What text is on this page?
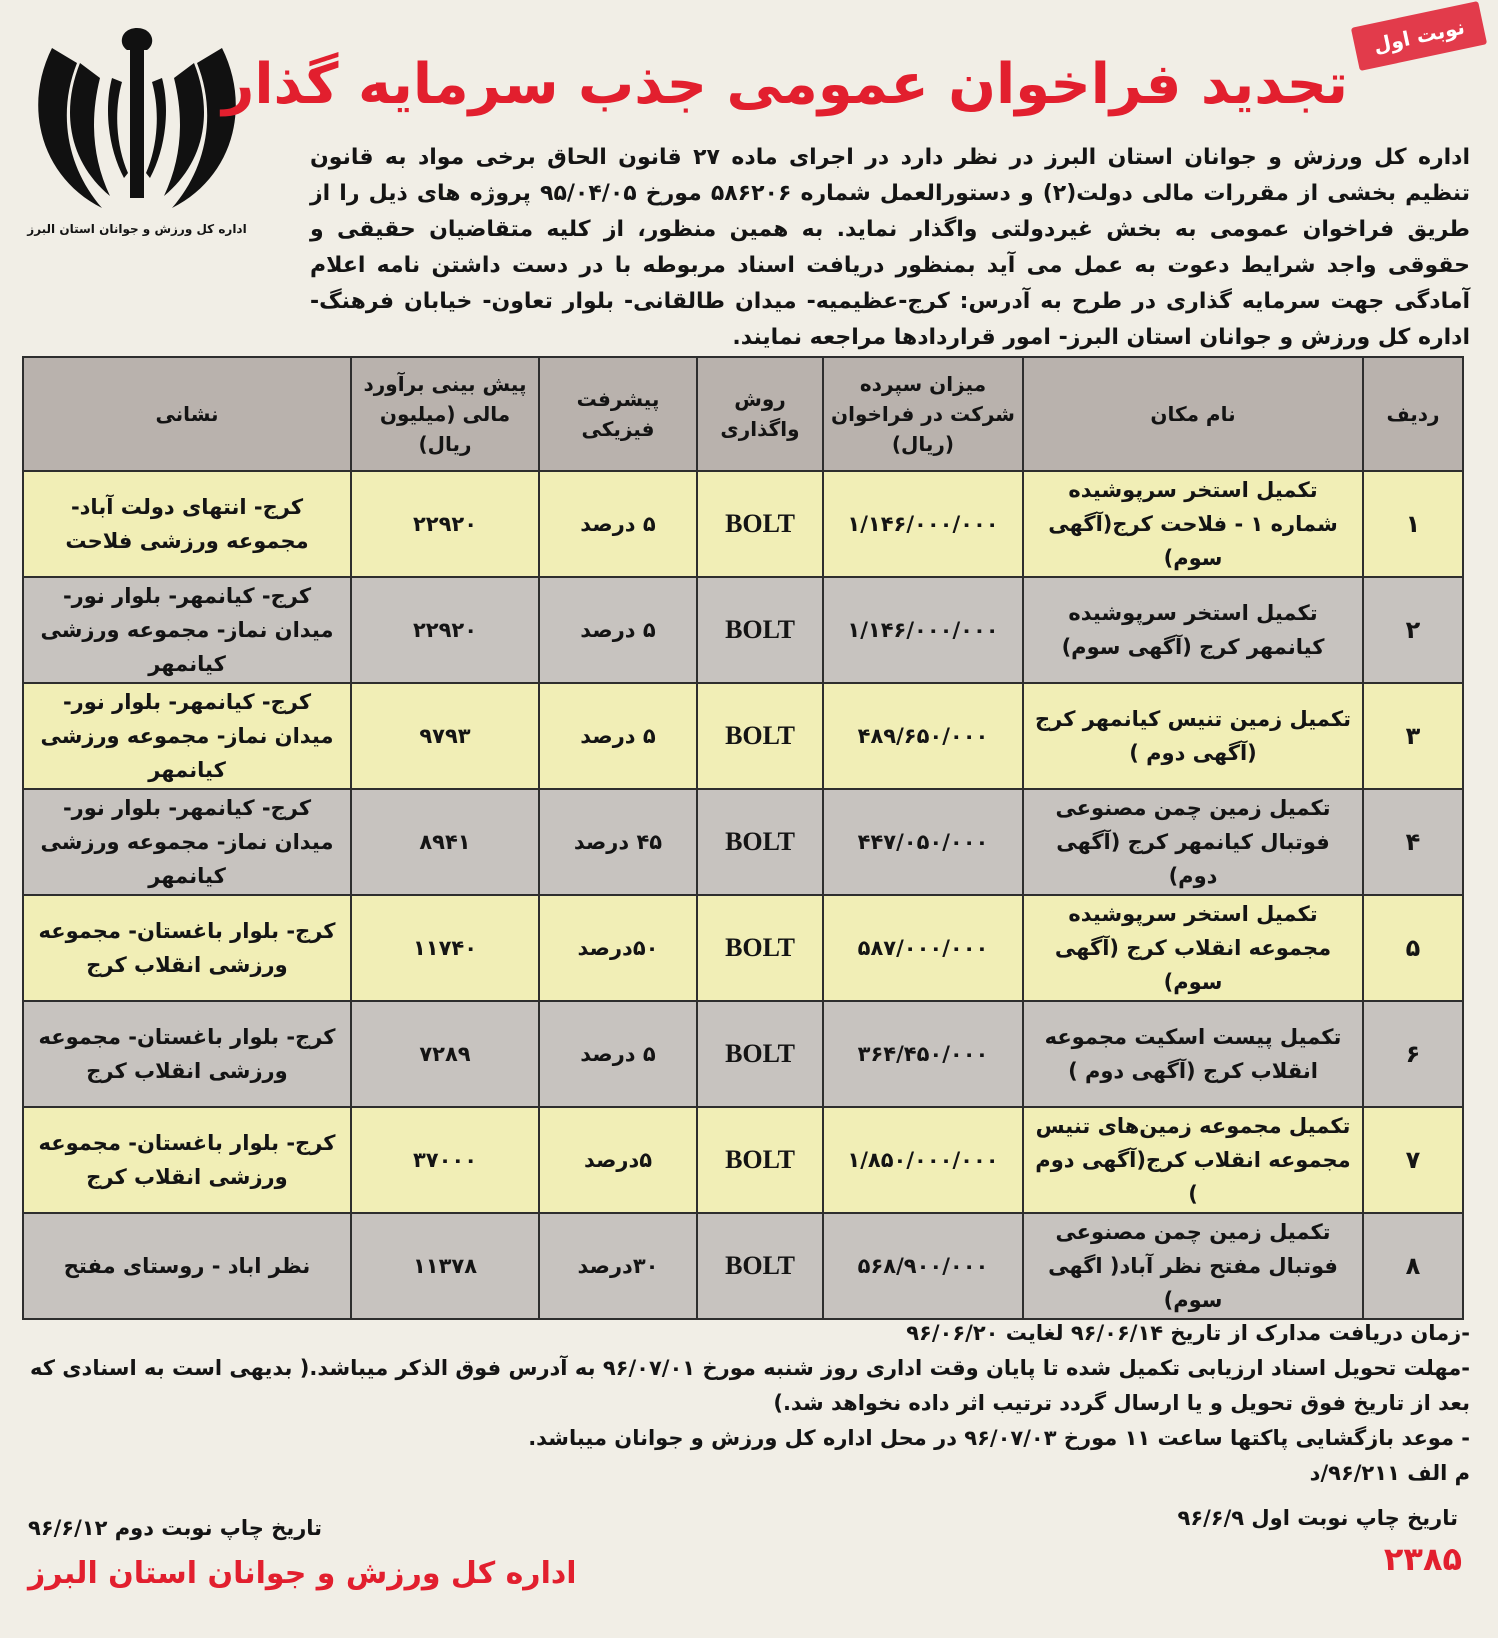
اداره کل ورزش و جوانان استان البرز
نوبت اول
تجدید فراخوان عمومی جذب سرمایه گذار
اداره کل ورزش و جوانان استان البرز در نظر دارد در اجرای ماده ۲۷ قانون الحاق برخی مواد به قانون تنظیم بخشی از مقررات مالی دولت(۲) و دستورالعمل شماره ۵۸۶۲۰۶ مورخ ۹۵/۰۴/۰۵ پروژه های ذیل را از طریق فراخوان عمومی به بخش غیردولتی واگذار نماید. به همین منظور، از کلیه متقاضیان حقیقی و حقوقی واجد شرایط دعوت به عمل می آید بمنظور دریافت اسناد مربوطه با در دست داشتن نامه اعلام آمادگی جهت سرمایه گذاری در طرح به آدرس: کرج-عظیمیه- میدان طالقانی- بلوار تعاون- خیابان فرهنگ-اداره کل ورزش و جوانان استان البرز- امور قراردادها مراجعه نمایند.
ردیف	نام مکان	میزان سپرده شرکت در فراخوان (ریال)	روش واگذاری	پیشرفت فیزیکی	پیش بینی برآورد مالی (میلیون ریال)	نشانی
۱	تکمیل استخر سرپوشیده شماره ۱ - فلاحت کرج(آگهی سوم)	۱/۱۴۶/۰۰۰/۰۰۰	BOLT	۵ درصد	۲۲۹۲۰	کرج- انتهای دولت آباد- مجموعه ورزشی فلاحت
۲	تکمیل استخر سرپوشیده کیانمهر کرج (آگهی سوم)	۱/۱۴۶/۰۰۰/۰۰۰	BOLT	۵ درصد	۲۲۹۲۰	کرج- کیانمهر- بلوار نور- میدان نماز- مجموعه ورزشی کیانمهر
۳	تکمیل زمین تنیس کیانمهر کرج (آگهی دوم )	۴۸۹/۶۵۰/۰۰۰	BOLT	۵ درصد	۹۷۹۳	کرج- کیانمهر- بلوار نور- میدان نماز- مجموعه ورزشی کیانمهر
۴	تکمیل زمین چمن مصنوعی فوتبال کیانمهر کرج (آگهی دوم)	۴۴۷/۰۵۰/۰۰۰	BOLT	۴۵ درصد	۸۹۴۱	کرج- کیانمهر- بلوار نور- میدان نماز- مجموعه ورزشی کیانمهر
۵	تکمیل استخر سرپوشیده مجموعه انقلاب کرج (آگهی سوم)	۵۸۷/۰۰۰/۰۰۰	BOLT	۵۰درصد	۱۱۷۴۰	کرج- بلوار باغستان- مجموعه ورزشی انقلاب کرج
۶	تکمیل پیست اسکیت مجموعه انقلاب کرج (آگهی دوم )	۳۶۴/۴۵۰/۰۰۰	BOLT	۵ درصد	۷۲۸۹	کرج- بلوار باغستان- مجموعه ورزشی انقلاب کرج
۷	تکمیل مجموعه زمین‌های تنیس مجموعه انقلاب کرج(آگهی دوم )	۱/۸۵۰/۰۰۰/۰۰۰	BOLT	۵درصد	۳۷۰۰۰	کرج- بلوار باغستان- مجموعه ورزشی انقلاب کرج
۸	تکمیل زمین چمن مصنوعی فوتبال مفتح نظر آباد( اگهی سوم)	۵۶۸/۹۰۰/۰۰۰	BOLT	۳۰درصد	۱۱۳۷۸	نظر اباد - روستای مفتح

-زمان دریافت مدارک از تاریخ ۹۶/۰۶/۱۴ لغایت ۹۶/۰۶/۲۰

-مهلت تحویل اسناد ارزیابی تکمیل شده تا پایان وقت اداری روز شنبه مورخ ۹۶/۰۷/۰۱ به آدرس فوق الذکر میباشد.( بدیهی است به اسنادی که بعد از تاریخ فوق تحویل و یا ارسال گردد ترتیب اثر داده نخواهد شد.)

- موعد بازگشایی پاکتها ساعت ۱۱ مورخ ۹۶/۰۷/۰۳ در محل اداره کل ورزش و جوانان میباشد.

م الف ۹۶/۲۱۱/د

تاریخ چاپ نوبت اول ۹۶/۶/۹
تاریخ چاپ نوبت دوم ۹۶/۶/۱۲
۲۳۸۵
اداره کل ورزش و جوانان استان البرز
